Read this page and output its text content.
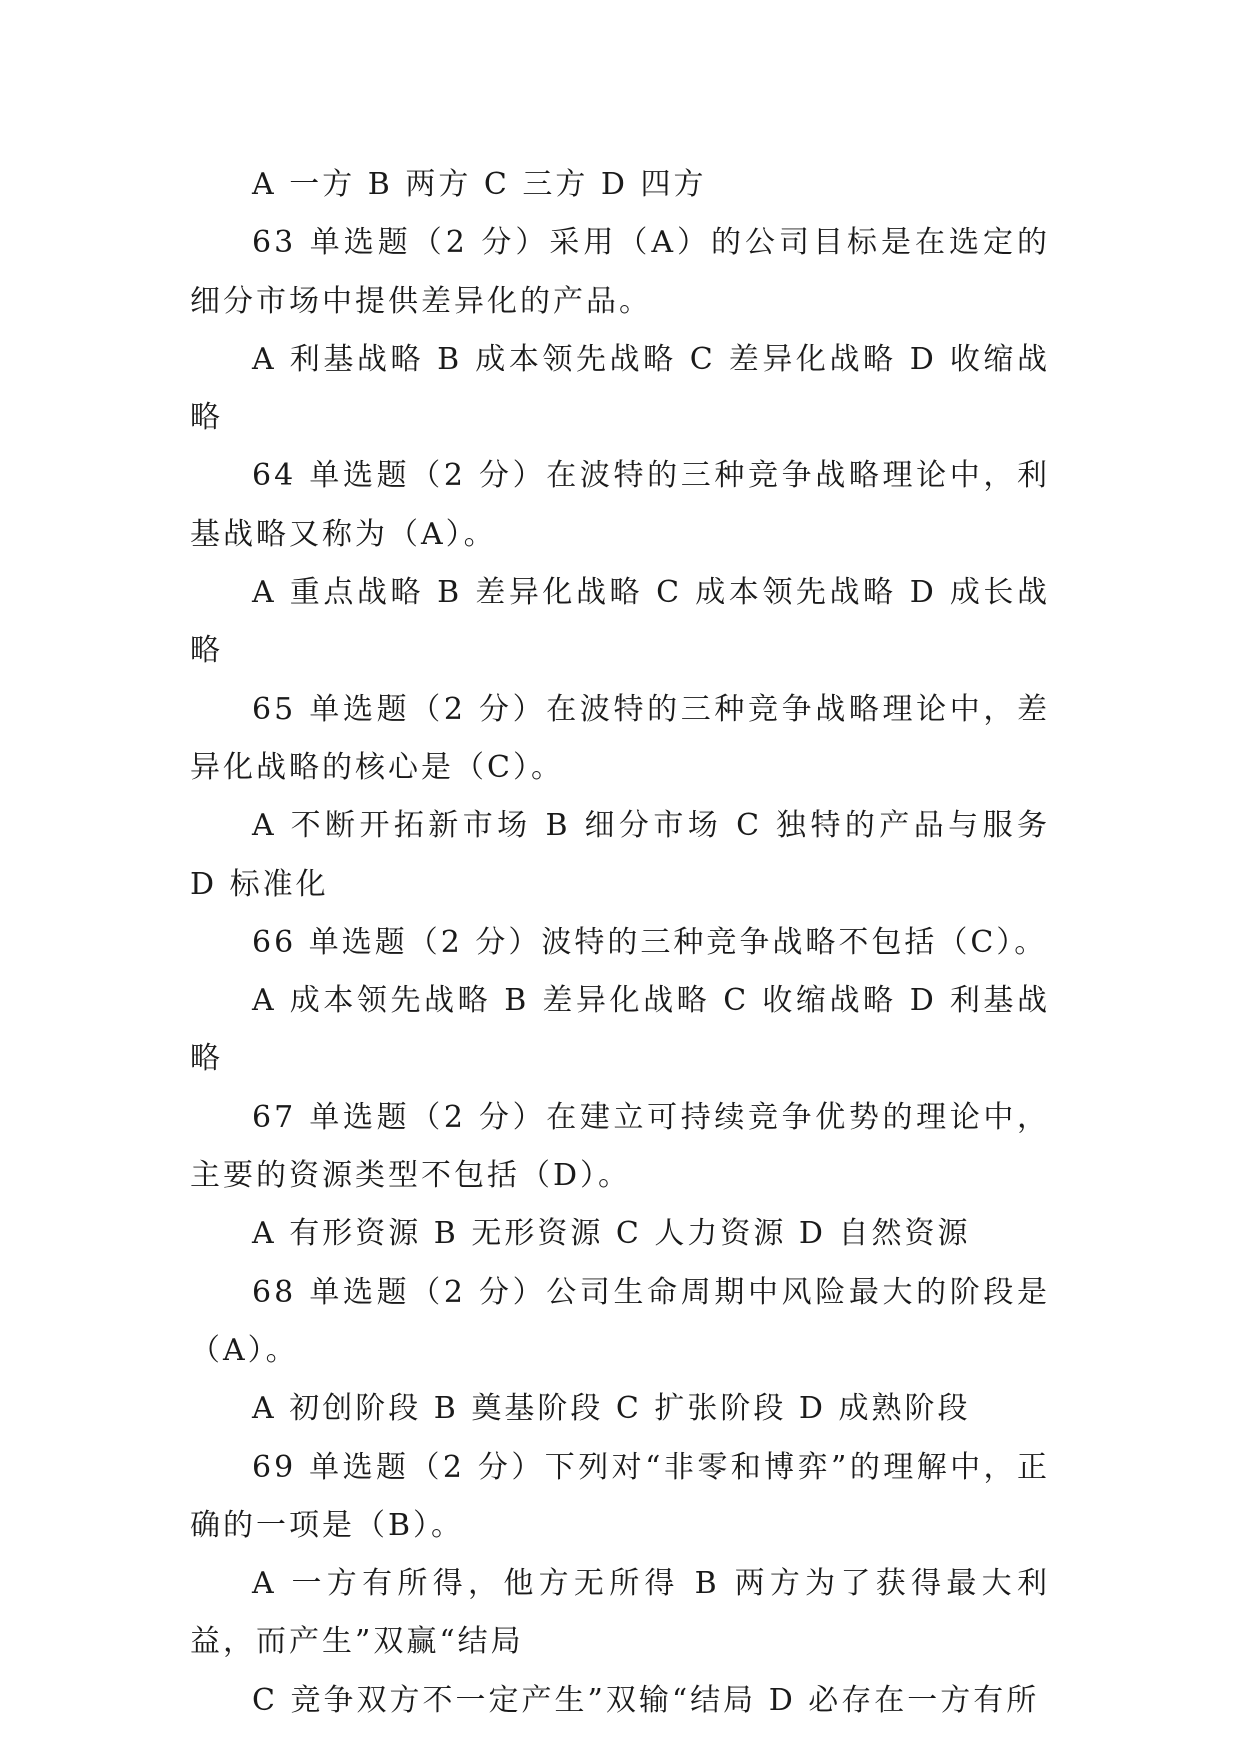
A 一方 B 两方 C 三方 D 四方

63 单选题（2 分）采用（A）的公司目标是在选定的细分市场中提供差异化的产品。

A 利基战略 B 成本领先战略 C 差异化战略 D 收缩战略

64 单选题（2 分）在波特的三种竞争战略理论中，利基战略又称为（A）。

A 重点战略 B 差异化战略 C 成本领先战略 D 成长战略

65 单选题（2 分）在波特的三种竞争战略理论中，差异化战略的核心是（C）。

A 不断开拓新市场 B 细分市场 C 独特的产品与服务 D 标准化

66 单选题（2 分）波特的三种竞争战略不包括（C）。

A 成本领先战略 B 差异化战略 C 收缩战略 D 利基战略

67 单选题（2 分）在建立可持续竞争优势的理论中，主要的资源类型不包括（D）。

A 有形资源 B 无形资源 C 人力资源 D 自然资源

68 单选题（2 分）公司生命周期中风险最大的阶段是（A）。

A 初创阶段 B 奠基阶段 C 扩张阶段 D 成熟阶段

69 单选题（2 分）下列对“非零和博弈”的理解中，正确的一项是（B）。

A 一方有所得，他方无所得 B 两方为了获得最大利益，而产生”双赢“结局

C 竞争双方不一定产生”双输“结局 D 必存在一方有所
